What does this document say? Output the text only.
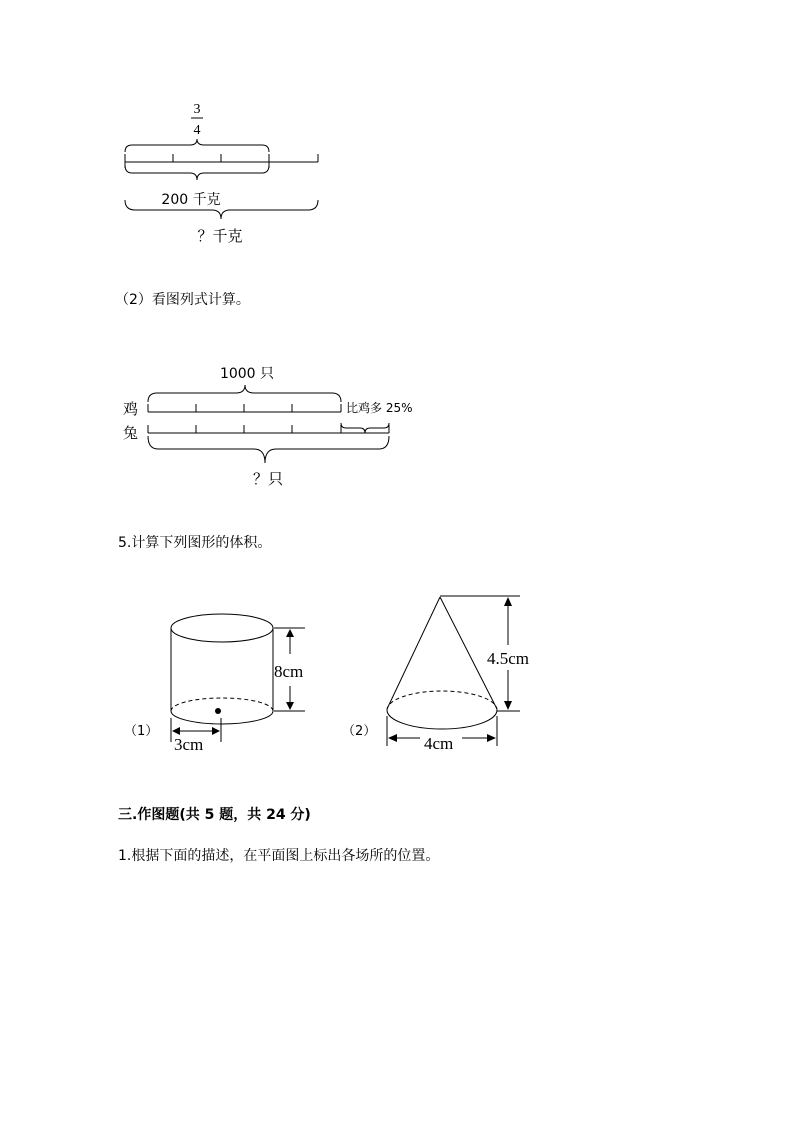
3
4
200 千克
？千克
（2）看图列式计算。
1000 只
鸡
兔
比鸡多 25%
？只
5.计算下列图形的体积。
8cm
3cm
（1）
4.5cm
4cm
（2）
三.作图题(共 5 题，共 24 分)
1.根据下面的描述，在平面图上标出各场所的位置。
